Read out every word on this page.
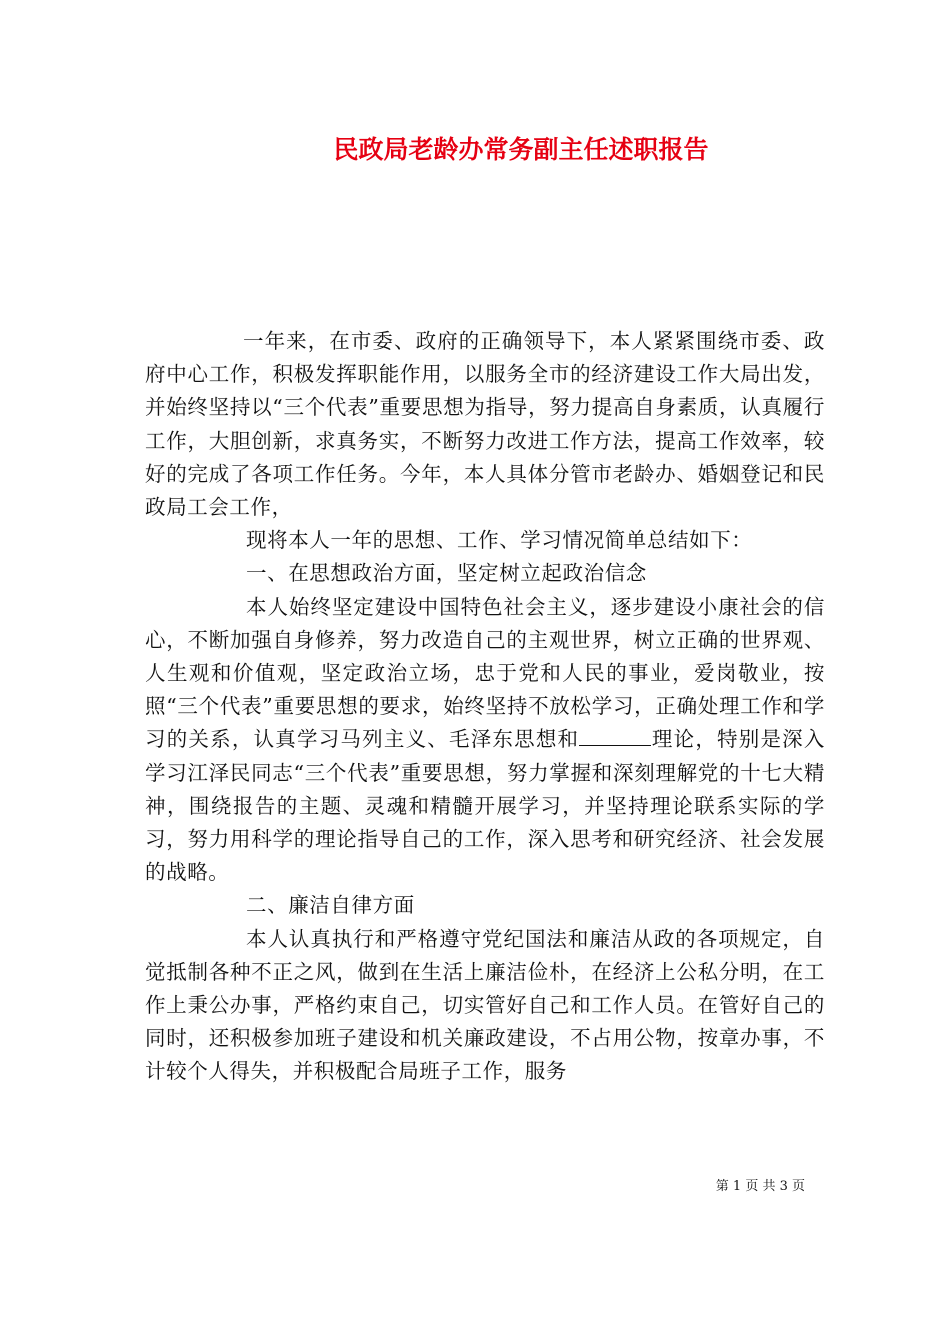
民政局老龄办常务副主任述职报告

一年来，在市委、政府的正确领导下，本人紧紧围绕市委、政府中心工作，积极发挥职能作用，以服务全市的经济建设工作大局出发，并始终坚持以“三个代表”重要思想为指导，努力提高自身素质，认真履行工作，大胆创新，求真务实，不断努力改进工作方法，提高工作效率，较好的完成了各项工作任务。今年，本人具体分管市老龄办、婚姻登记和民政局工会工作，

现将本人一年的思想、工作、学习情况简单总结如下：

一、在思想政治方面，坚定树立起政治信念

本人始终坚定建设中国特色社会主义，逐步建设小康社会的信心，不断加强自身修养，努力改造自己的主观世界，树立正确的世界观、人生观和价值观，坚定政治立场，忠于党和人民的事业，爱岗敬业，按照“三个代表”重要思想的要求，始终坚持不放松学习，正确处理工作和学习的关系，认真学习马列主义、毛泽东思想和	理论，特别是深入学习江泽民同志“三个代表”重要思想，努力掌握和深刻理解党的十七大精神，围绕报告的主题、灵魂和精髓开展学习，并坚持理论联系实际的学习，努力用科学的理论指导自己的工作，深入思考和研究经济、社会发展的战略。

二、廉洁自律方面

本人认真执行和严格遵守党纪国法和廉洁从政的各项规定，自觉抵制各种不正之风，做到在生活上廉洁俭朴，在经济上公私分明，在工作上秉公办事，严格约束自己，切实管好自己和工作人员。在管好自己的同时，还积极参加班子建设和机关廉政建设，不占用公物，按章办事，不计较个人得失，并积极配合局班子工作，服务

第 1 页 共 3 页
